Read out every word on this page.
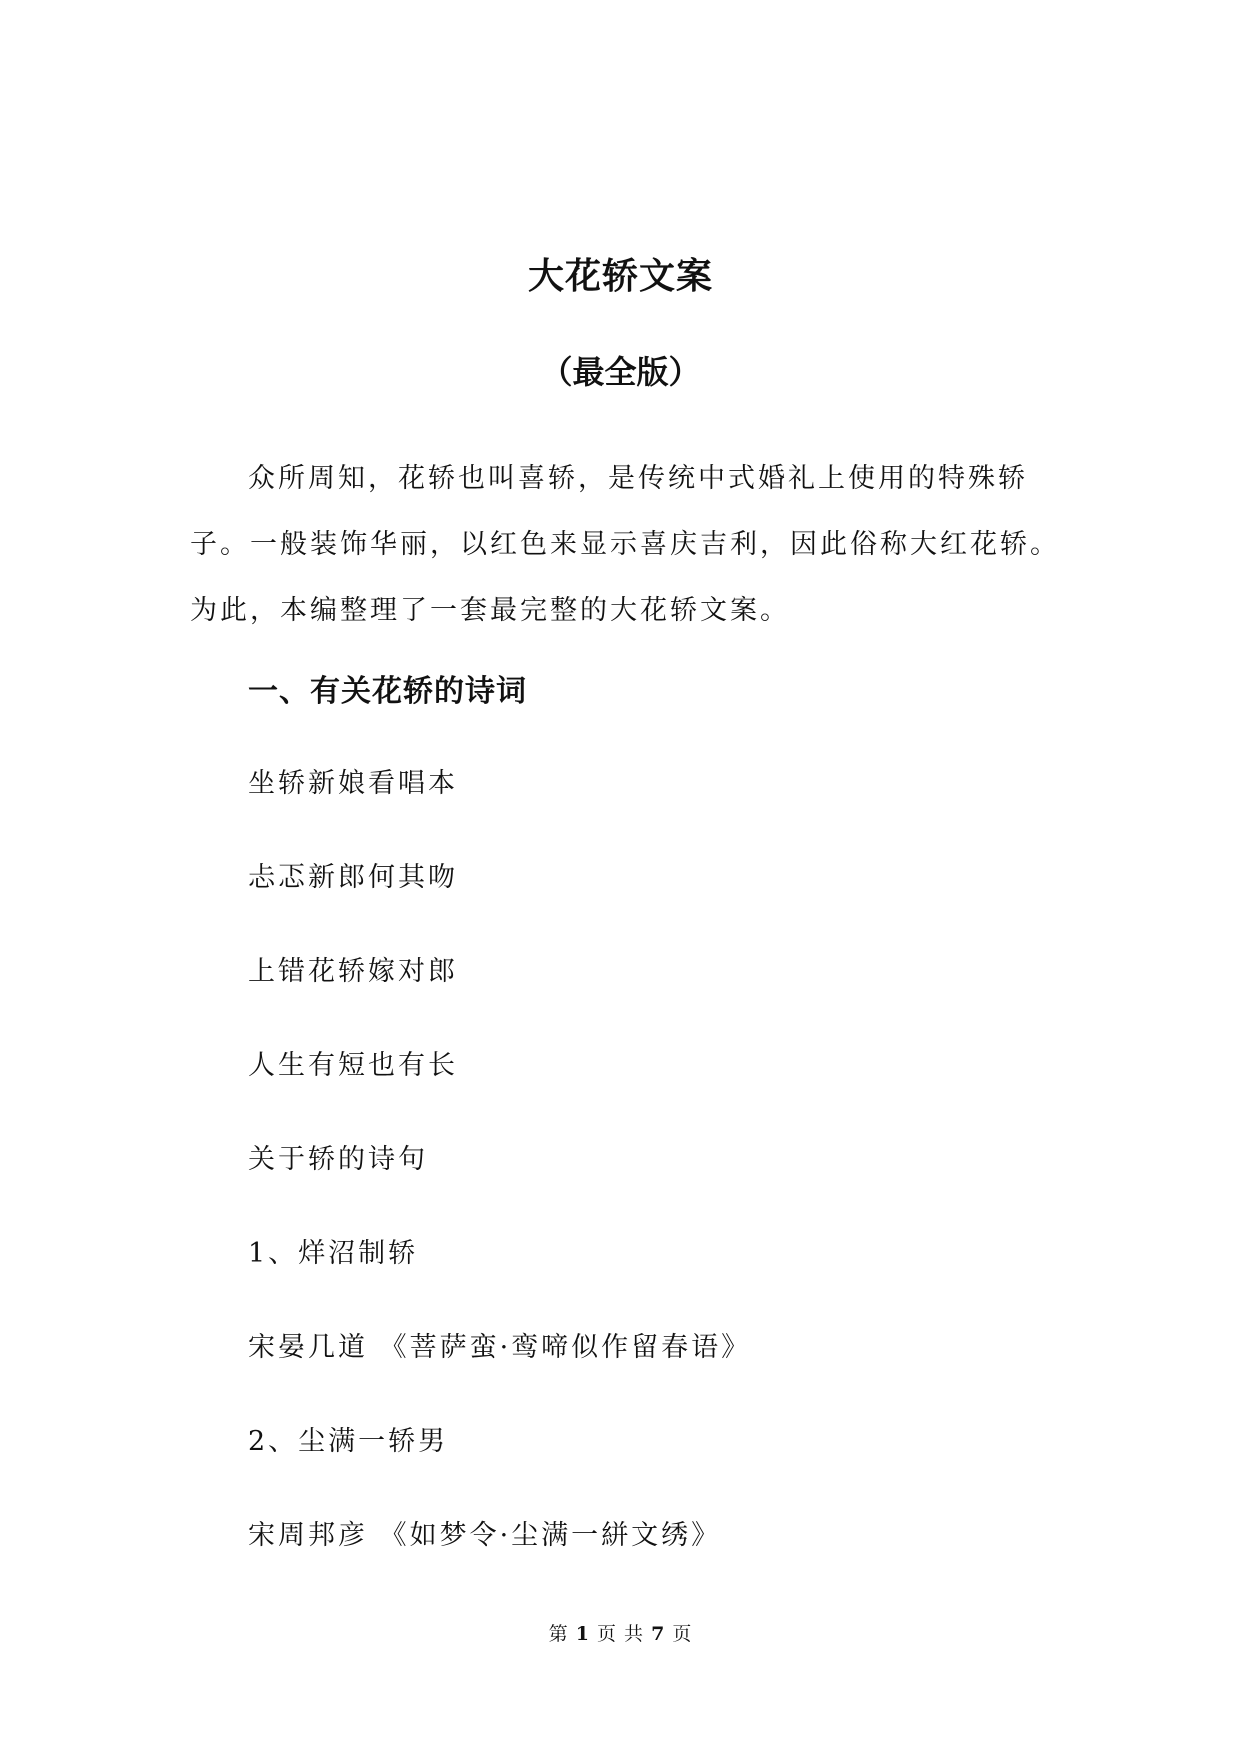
大花轿文案
（最全版）

众所周知，花轿也叫喜轿，是传统中式婚礼上使用的特殊轿子。一般装饰华丽，以红色来显示喜庆吉利，因此俗称大红花轿。为此，本编整理了一套最完整的大花轿文案。

一、有关花轿的诗词
坐轿新娘看唱本
忐忑新郎何其吻
上错花轿嫁对郎
人生有短也有长
关于轿的诗句
1、烊沼制轿
宋晏几道 《菩萨蛮·鸾啼似作留春语》
2、尘满一轿男
宋周邦彦 《如梦令·尘满一絣文绣》
第 1 页 共 7 页
